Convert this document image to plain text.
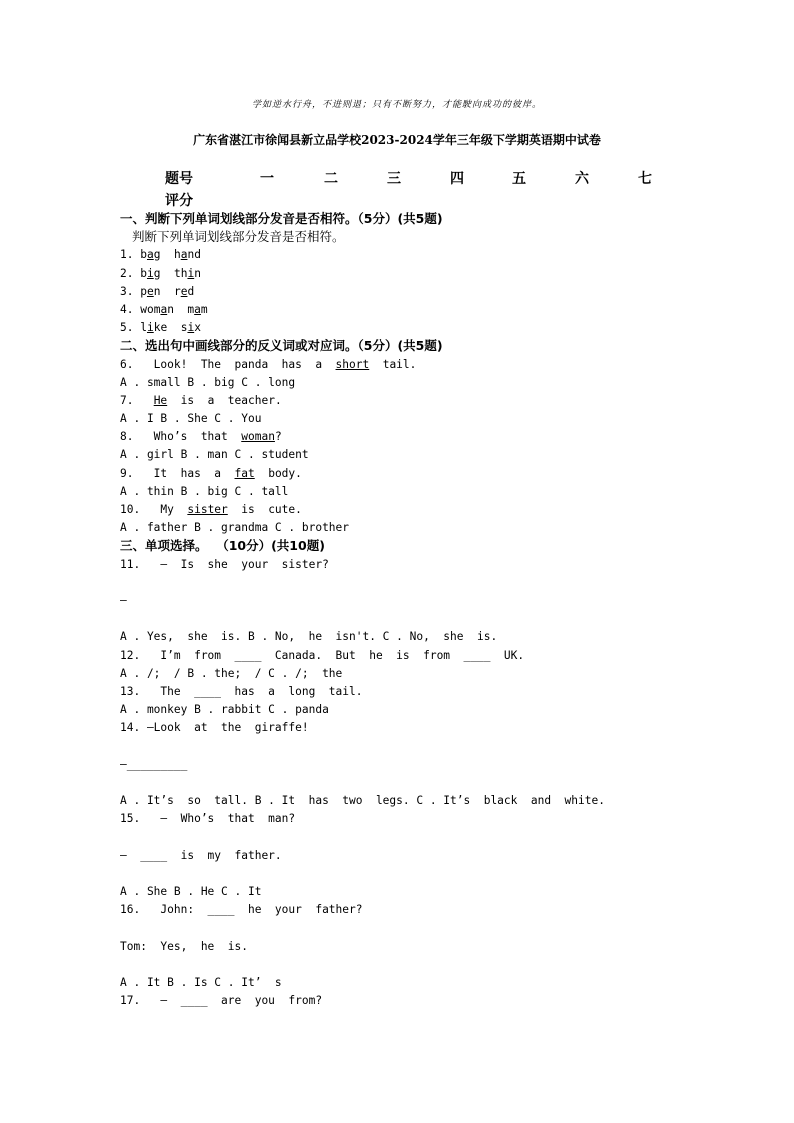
学如逆水行舟，不进则退；只有不断努力，才能駛向成功的彼岸。
广东省湛江市徐闻县新立品学校2023-2024学年三年级下学期英语期中试卷
题号	一	二	三	四	五	六	七
评分
一、判断下列单词划线部分发音是否相符。（5分）(共5题)
判断下列单词划线部分发音是否相符。
1. bag hand
2. big thin
3. pen red
4. woman mam
5. like six
二、选出句中画线部分的反义词或对应词。（5分）(共5题)
6.   Look!  The  panda  has  a  short  tail.
A . small B . big C . long
7.   He  is  a  teacher.
A . I B . She C . You
8.   Who’s  that  woman?
A . girl B . man C . student
9.   It  has  a  fat  body.
A . thin B . big C . tall
10.   My  sister  is  cute.
A . father B . grandma C . brother
三、单项选择。  （10分）(共10题)
11.   —  Is  she  your  sister?
—
A . Yes,  she  is. B . No,  he  isn't. C . No,  she  is.
12.   I’m  from  ____  Canada.  But  he  is  from  ____  UK.
A . /;  / B . the;  / C . /;  the
13.   The  ____  has  a  long  tail.
A . monkey B . rabbit C . panda
14. —Look  at  the  giraffe!
—_________
A . It’s  so  tall. B . It  has  two  legs. C . It’s  black  and  white.
15.   —  Who’s  that  man?
—  ____  is  my  father.
A . She B . He C . It
16.   John:  ____  he  your  father?
Tom:  Yes,  he  is.
A . It B . Is C . It’  s
17.   —  ____  are  you  from?
